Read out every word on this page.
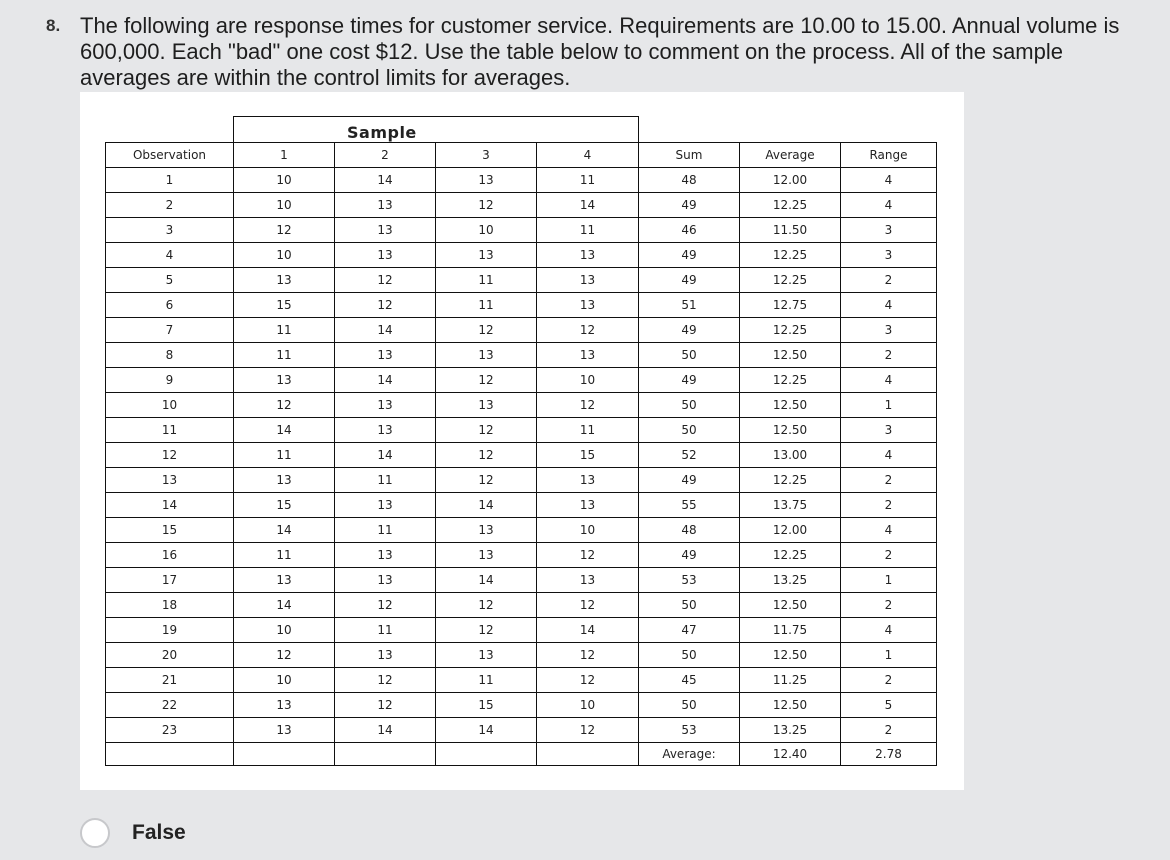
8. The following are response times for customer service. Requirements are 10.00 to 15.00. Annual volume is 600,000. Each "bad" one cost $12. Use the table below to comment on the process. All of the sample averages are within the control limits for averages.
	Sample						
Observation	1	2	3	4	Sum	Average	Range
1	10	14	13	11	48	12.00	4
2	10	13	12	14	49	12.25	4
3	12	13	10	11	46	11.50	3
4	10	13	13	13	49	12.25	3
5	13	12	11	13	49	12.25	2
6	15	12	11	13	51	12.75	4
7	11	14	12	12	49	12.25	3
8	11	13	13	13	50	12.50	2
9	13	14	12	10	49	12.25	4
10	12	13	13	12	50	12.50	1
11	14	13	12	11	50	12.50	3
12	11	14	12	15	52	13.00	4
13	13	11	12	13	49	12.25	2
14	15	13	14	13	55	13.75	2
15	14	11	13	10	48	12.00	4
16	11	13	13	12	49	12.25	2
17	13	13	14	13	53	13.25	1
18	14	12	12	12	50	12.50	2
19	10	11	12	14	47	11.75	4
20	12	13	13	12	50	12.50	1
21	10	12	11	12	45	11.25	2
22	13	12	15	10	50	12.50	5
23	13	14	14	12	53	13.25	2
					Average:	12.40	2.78
False
